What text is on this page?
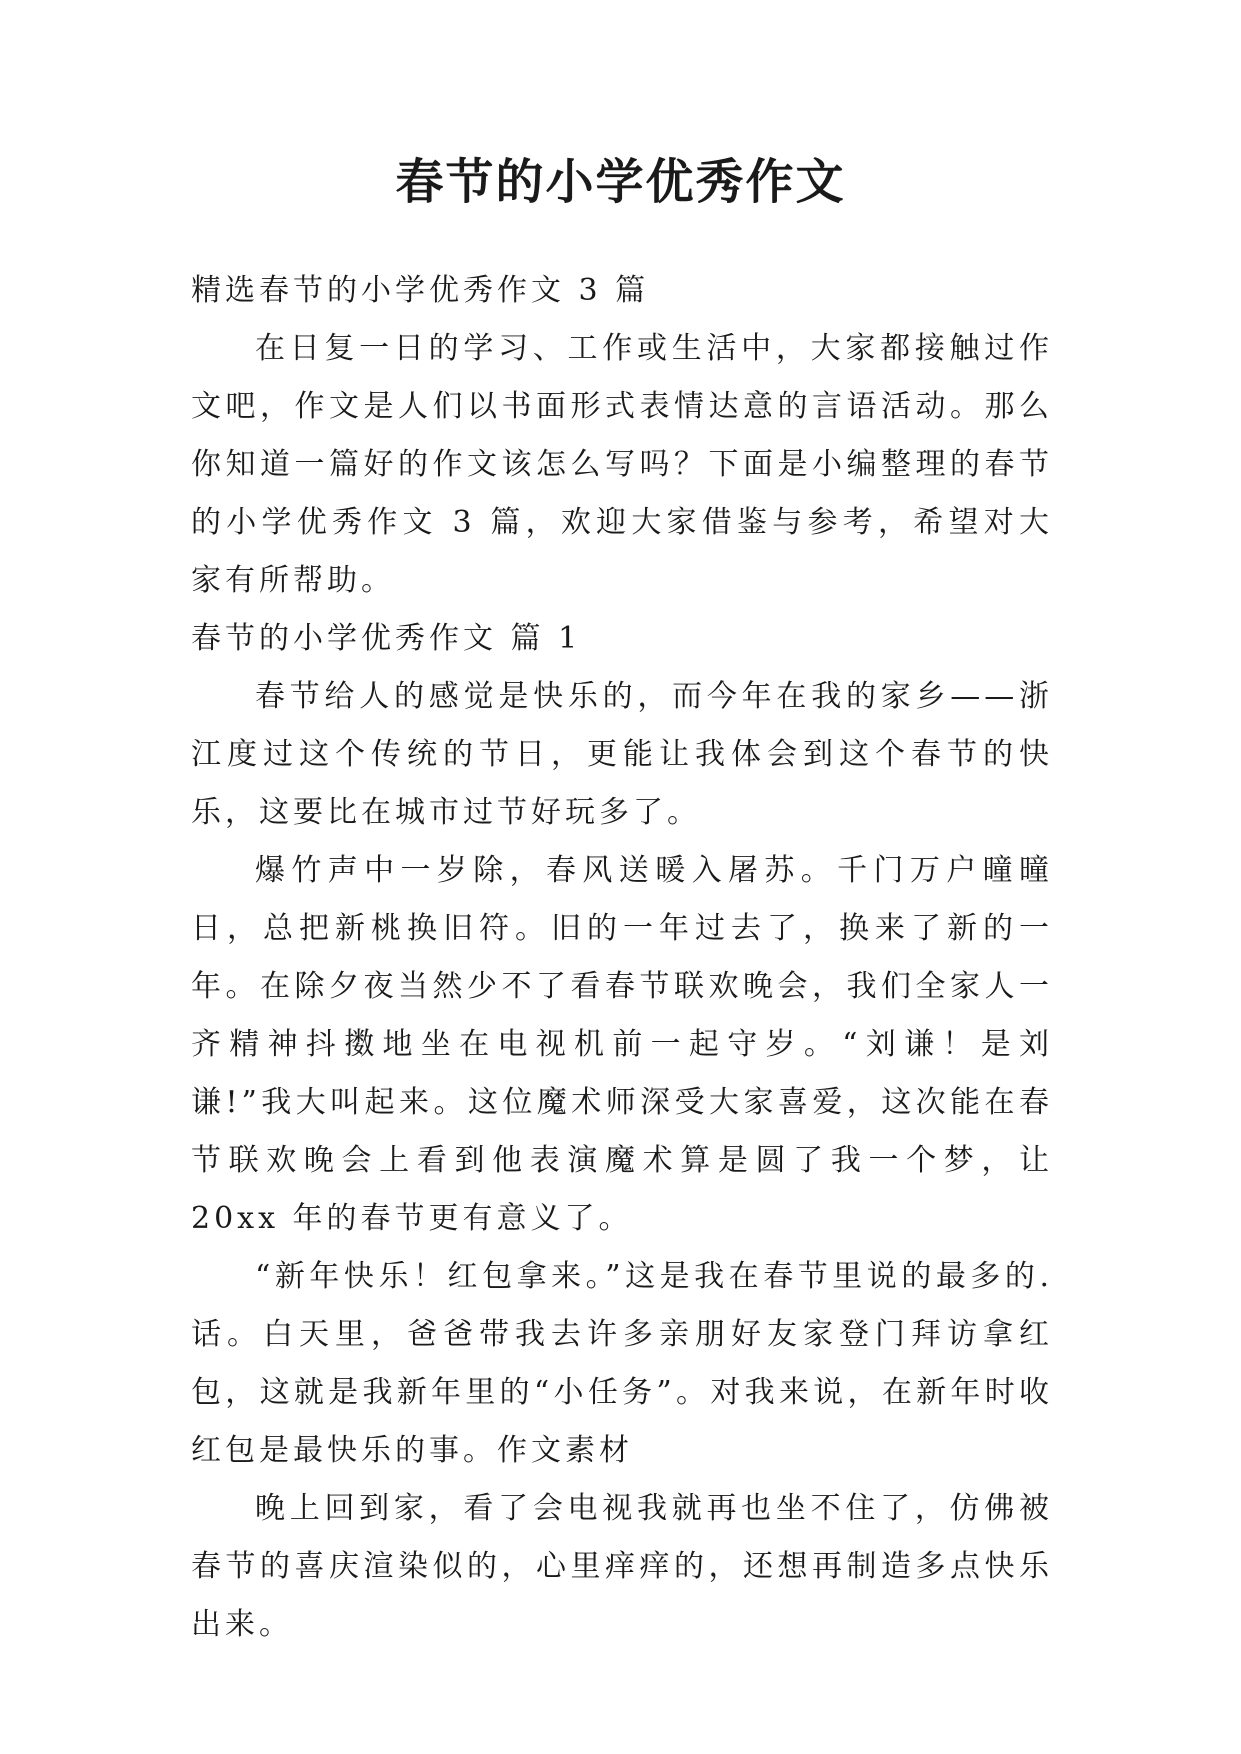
春节的小学优秀作文

精选春节的小学优秀作文 3 篇

在日复一日的学习、工作或生活中，大家都接触过作文吧，作文是人们以书面形式表情达意的言语活动。那么你知道一篇好的作文该怎么写吗？下面是小编整理的春节的小学优秀作文 3 篇，欢迎大家借鉴与参考，希望对大家有所帮助。

春节的小学优秀作文 篇 1

春节给人的感觉是快乐的，而今年在我的家乡——浙江度过这个传统的节日，更能让我体会到这个春节的快乐，这要比在城市过节好玩多了。

爆竹声中一岁除，春风送暖入屠苏。千门万户曈曈日，总把新桃换旧符。旧的一年过去了，换来了新的一年。在除夕夜当然少不了看春节联欢晚会，我们全家人一齐精神抖擞地坐在电视机前一起守岁。“刘谦！是刘谦!”我大叫起来。这位魔术师深受大家喜爱，这次能在春节联欢晚会上看到他表演魔术算是圆了我一个梦，让 20xx 年的春节更有意义了。

“新年快乐！红包拿来。”这是我在春节里说的最多的.话。白天里，爸爸带我去许多亲朋好友家登门拜访拿红包，这就是我新年里的“小任务”。对我来说，在新年时收红包是最快乐的事。作文素材

晚上回到家，看了会电视我就再也坐不住了，仿佛被春节的喜庆渲染似的，心里痒痒的，还想再制造多点快乐出来。
